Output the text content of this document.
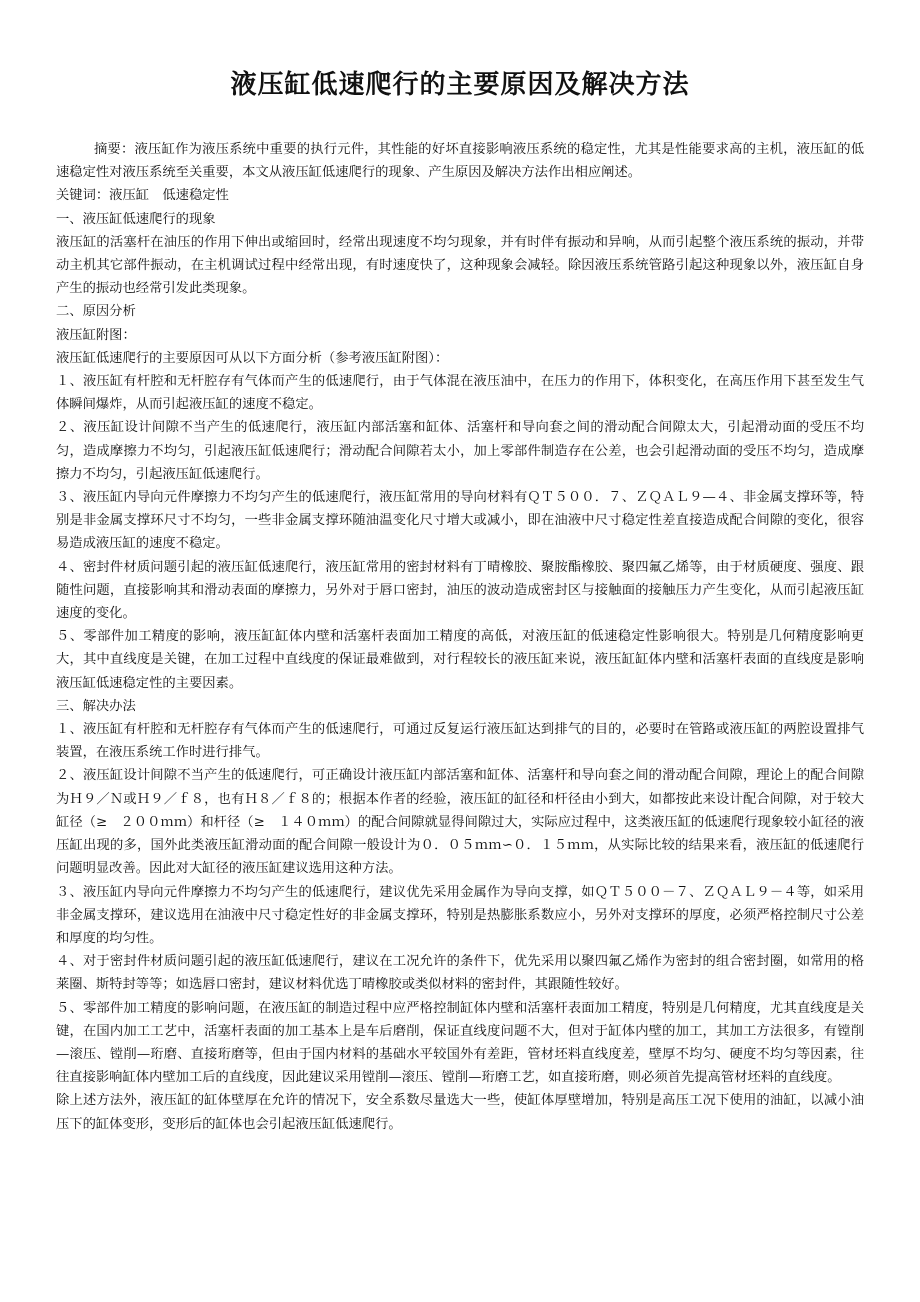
液压缸低速爬行的主要原因及解决方法

摘要：液压缸作为液压系统中重要的执行元件，其性能的好坏直接影响液压系统的稳定性，尤其是性能要求高的主机，液压缸的低速稳定性对液压系统至关重要，本文从液压缸低速爬行的现象、产生原因及解决方法作出相应阐述。

关键词：液压缸　低速稳定性

一、液压缸低速爬行的现象

液压缸的活塞杆在油压的作用下伸出或缩回时，经常出现速度不均匀现象，并有时伴有振动和异响，从而引起整个液压系统的振动，并带动主机其它部件振动，在主机调试过程中经常出现，有时速度快了，这种现象会减轻。除因液压系统管路引起这种现象以外，液压缸自身产生的振动也经常引发此类现象。

二、原因分析

液压缸附图：

液压缸低速爬行的主要原因可从以下方面分析（参考液压缸附图）：

１、液压缸有杆腔和无杆腔存有气体而产生的低速爬行，由于气体混在液压油中，在压力的作用下，体积变化，在高压作用下甚至发生气体瞬间爆炸，从而引起液压缸的速度不稳定。

２、液压缸设计间隙不当产生的低速爬行，液压缸内部活塞和缸体、活塞杆和导向套之间的滑动配合间隙太大，引起滑动面的受压不均匀，造成摩擦力不均匀，引起液压缸低速爬行；滑动配合间隙若太小，加上零部件制造存在公差，也会引起滑动面的受压不均匀，造成摩擦力不均匀，引起液压缸低速爬行。

３、液压缸内导向元件摩擦力不均匀产生的低速爬行，液压缸常用的导向材料有ＱＴ５００．７、ＺＱＡＬ９—４、非金属支撑环等，特别是非金属支撑环尺寸不均匀，一些非金属支撑环随油温变化尺寸增大或减小，即在油液中尺寸稳定性差直接造成配合间隙的变化，很容易造成液压缸的速度不稳定。

４、密封件材质问题引起的液压缸低速爬行，液压缸常用的密封材料有丁晴橡胶、聚胺酯橡胶、聚四氟乙烯等，由于材质硬度、强度、跟随性问题，直接影响其和滑动表面的摩擦力，另外对于唇口密封，油压的波动造成密封区与接触面的接触压力产生变化，从而引起液压缸速度的变化。

５、零部件加工精度的影响，液压缸缸体内壁和活塞杆表面加工精度的高低，对液压缸的低速稳定性影响很大。特别是几何精度影响更大，其中直线度是关键，在加工过程中直线度的保证最难做到，对行程较长的液压缸来说，液压缸缸体内壁和活塞杆表面的直线度是影响液压缸低速稳定性的主要因素。

三、解决办法

１、液压缸有杆腔和无杆腔存有气体而产生的低速爬行，可通过反复运行液压缸达到排气的目的，必要时在管路或液压缸的两腔设置排气装置，在液压系统工作时进行排气。

２、液压缸设计间隙不当产生的低速爬行，可正确设计液压缸内部活塞和缸体、活塞杆和导向套之间的滑动配合间隙，理论上的配合间隙为Ｈ９／Ｎ或Ｈ９／ｆ８，也有Ｈ８／ｆ８的；根据本作者的经验，液压缸的缸径和杆径由小到大，如都按此来设计配合间隙，对于较大缸径（≥　２００ｍｍ）和杆径（≥　１４０ｍｍ）的配合间隙就显得间隙过大，实际应过程中，这类液压缸的低速爬行现象较小缸径的液压缸出现的多，国外此类液压缸滑动面的配合间隙一般设计为０．０５ｍｍ∽０．１５ｍｍ，从实际比较的结果来看，液压缸的低速爬行问题明显改善。因此对大缸径的液压缸建议选用这种方法。

３、液压缸内导向元件摩擦力不均匀产生的低速爬行，建议优先采用金属作为导向支撑，如ＱＴ５００－７、ＺＱＡＬ９－４等，如采用非金属支撑环，建议选用在油液中尺寸稳定性好的非金属支撑环，特别是热膨胀系数应小，另外对支撑环的厚度，必须严格控制尺寸公差和厚度的均匀性。

４、对于密封件材质问题引起的液压缸低速爬行，建议在工况允许的条件下，优先采用以聚四氟乙烯作为密封的组合密封圈，如常用的格莱圈、斯特封等等；如选唇口密封，建议材料优选丁晴橡胶或类似材料的密封件，其跟随性较好。

５、零部件加工精度的影响问题，在液压缸的制造过程中应严格控制缸体内壁和活塞杆表面加工精度，特别是几何精度，尤其直线度是关键，在国内加工工艺中，活塞杆表面的加工基本上是车后磨削，保证直线度问题不大，但对于缸体内壁的加工，其加工方法很多，有镗削—滚压、镗削—珩磨、直接珩磨等，但由于国内材料的基础水平较国外有差距，管材坯料直线度差，壁厚不均匀、硬度不均匀等因素，往往直接影响缸体内壁加工后的直线度，因此建议采用镗削—滚压、镗削—珩磨工艺，如直接珩磨，则必须首先提高管材坯料的直线度。

除上述方法外，液压缸的缸体壁厚在允许的情况下，安全系数尽量选大一些，使缸体厚壁增加，特别是高压工况下使用的油缸，以减小油压下的缸体变形，变形后的缸体也会引起液压缸低速爬行。
